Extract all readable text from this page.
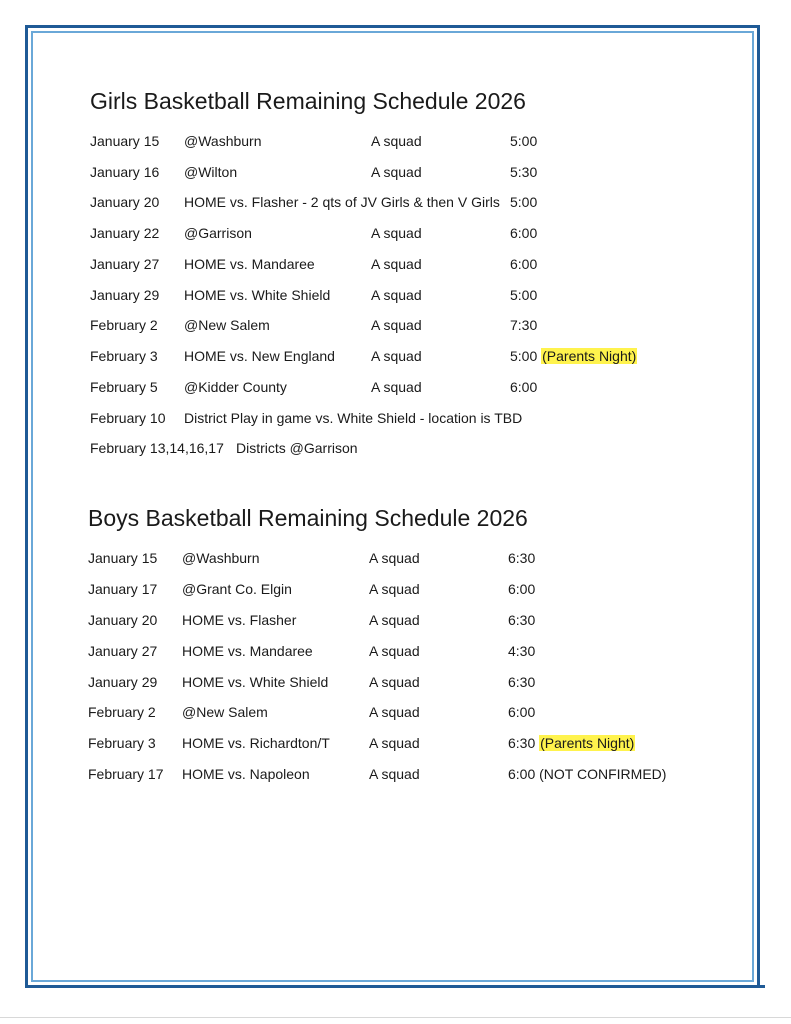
Girls Basketball Remaining Schedule 2026
January 15 @Washburn	A squad	5:00
January 16 @Wilton	A squad	5:30
January 20 HOME vs. Flasher - 2 qts of JV Girls & then V Girls 5:00
January 22 @Garrison	A squad	6:00
January 27 HOME vs. Mandaree	A squad	6:00
January 29 HOME vs. White Shield	A squad	5:00
February 2 @New Salem	A squad	7:30
February 3 HOME vs. New England	A squad	5:00 (Parents Night)
February 5 @Kidder County	A squad	6:00
February 10 District Play in game vs. White Shield - location is TBD
February 13,14,16,17 Districts @Garrison
Boys Basketball Remaining Schedule 2026
January 15 @Washburn	A squad	6:30
January 17 @Grant Co. Elgin	A squad	6:00
January 20 HOME vs. Flasher	A squad	6:30
January 27 HOME vs. Mandaree	A squad	4:30
January 29 HOME vs. White Shield	A squad	6:30
February 2 @New Salem	A squad	6:00
February 3 HOME vs. Richardton/T	A squad	6:30 (Parents Night)
February 17 HOME vs. Napoleon	A squad	6:00 (NOT CONFIRMED)
